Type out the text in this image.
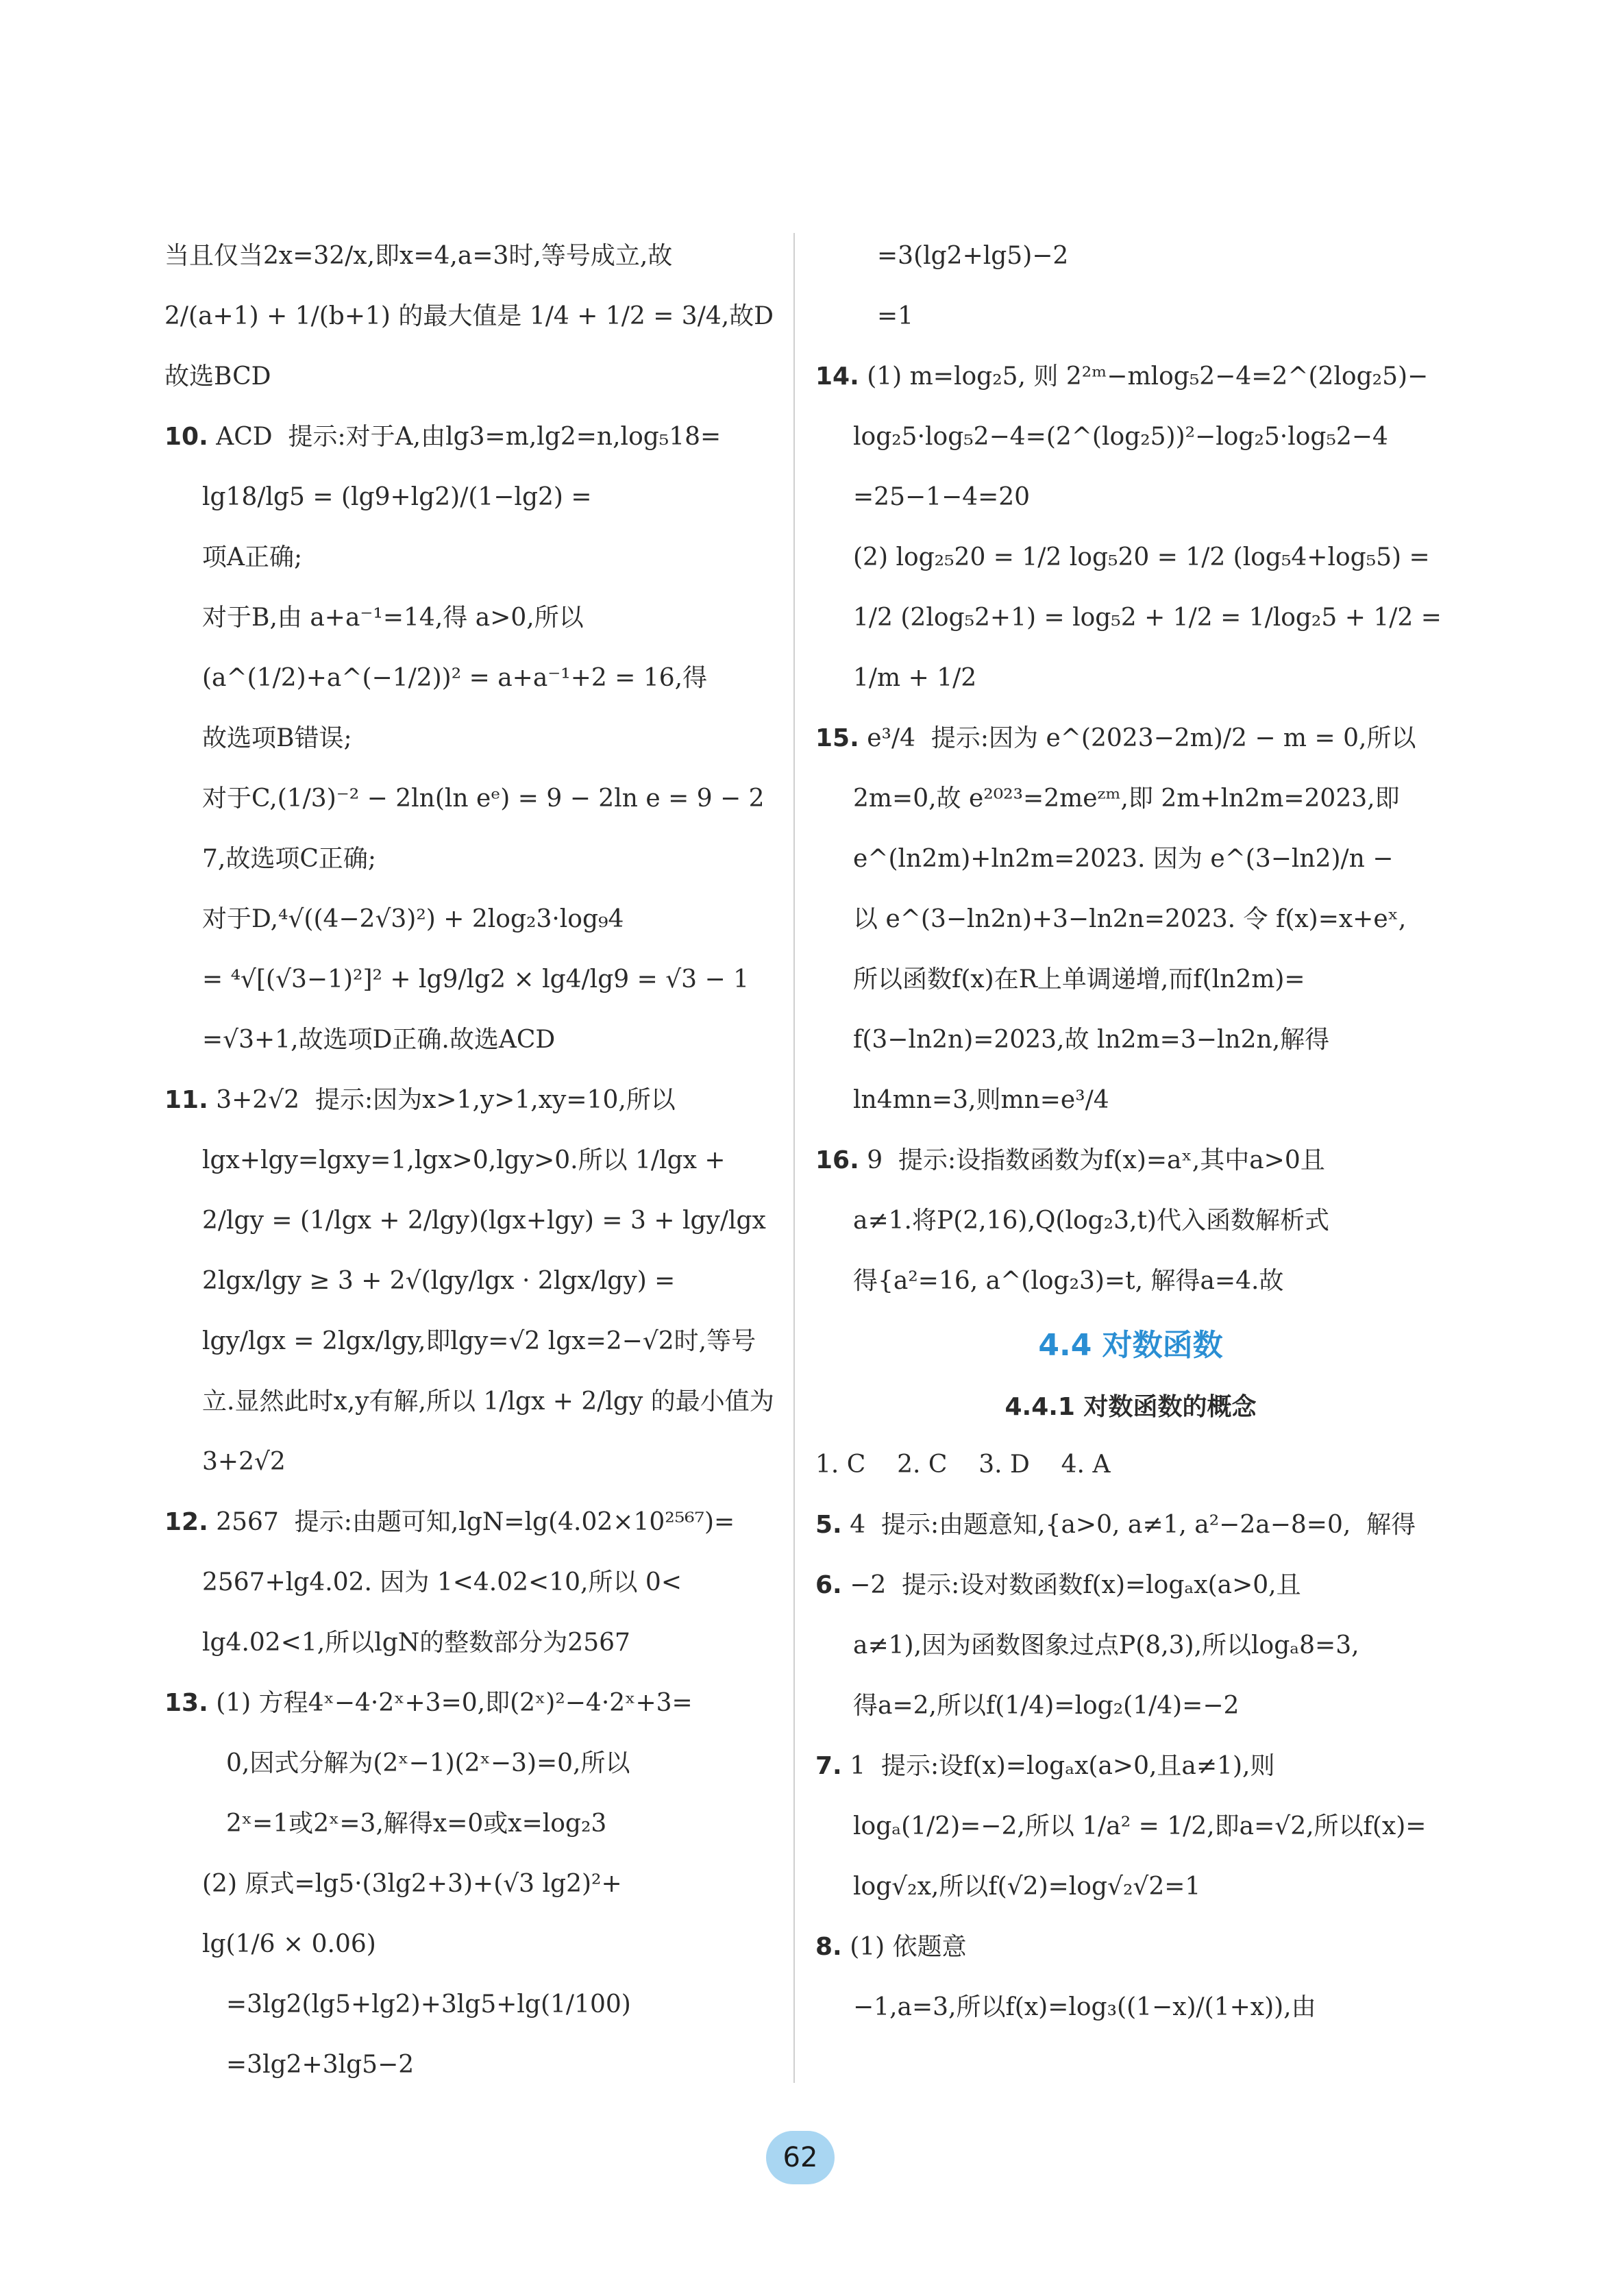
当且仅当2x=32/x,即x=4,a=3时,等号成立,故
2/(a+1) + 1/(b+1) 的最大值是 1/4 + 1/2 = 3/4,故D
故选BCD
10. ACD  提示:对于A,由lg3=m,lg2=n,log₅18=
lg18/lg5 = (lg9+lg2)/(1−lg2) =
项A正确;
对于B,由 a+a⁻¹=14,得 a>0,所以
(a^(1/2)+a^(−1/2))² = a+a⁻¹+2 = 16,得
故选项B错误;
对于C,(1/3)⁻² − 2ln(ln eᵉ) = 9 − 2ln e = 9 − 2
7,故选项C正确;
对于D,⁴√((4−2√3)²) + 2log₂3·log₉4
= ⁴√[(√3−1)²]² + lg9/lg2 × lg4/lg9 = √3 − 1
=√3+1,故选项D正确.故选ACD
11. 3+2√2  提示:因为x>1,y>1,xy=10,所以
lgx+lgy=lgxy=1,lgx>0,lgy>0.所以 1/lgx +
2/lgy = (1/lgx + 2/lgy)(lgx+lgy) = 3 + lgy/lgx
2lgx/lgy ≥ 3 + 2√(lgy/lgx · 2lgx/lgy) =
lgy/lgx = 2lgx/lgy,即lgy=√2 lgx=2−√2时,等号
立.显然此时x,y有解,所以 1/lgx + 2/lgy 的最小值为
3+2√2
12. 2567  提示:由题可知,lgN=lg(4.02×10²⁵⁶⁷)=
2567+lg4.02. 因为 1<4.02<10,所以 0<
lg4.02<1,所以lgN的整数部分为2567
13. (1) 方程4ˣ−4·2ˣ+3=0,即(2ˣ)²−4·2ˣ+3=
0,因式分解为(2ˣ−1)(2ˣ−3)=0,所以
2ˣ=1或2ˣ=3,解得x=0或x=log₂3
(2) 原式=lg5·(3lg2+3)+(√3 lg2)²+
lg(1/6 × 0.06)
=3lg2(lg5+lg2)+3lg5+lg(1/100)
=3lg2+3lg5−2
=3(lg2+lg5)−2
=1
14. (1) m=log₂5, 则 2²ᵐ−mlog₅2−4=2^(2log₂5)−
log₂5·log₅2−4=(2^(log₂5))²−log₂5·log₅2−4
=25−1−4=20
(2) log₂₅20 = 1/2 log₅20 = 1/2 (log₅4+log₅5) =
1/2 (2log₅2+1) = log₅2 + 1/2 = 1/log₂5 + 1/2 =
1/m + 1/2
15. e³/4  提示:因为 e^(2023−2m)/2 − m = 0,所以
2m=0,故 e²⁰²³=2meᶻᵐ,即 2m+ln2m=2023,即
e^(ln2m)+ln2m=2023. 因为 e^(3−ln2)/n −
以 e^(3−ln2n)+3−ln2n=2023. 令 f(x)=x+eˣ,
所以函数f(x)在R上单调递增,而f(ln2m)=
f(3−ln2n)=2023,故 ln2m=3−ln2n,解得
ln4mn=3,则mn=e³/4
16. 9  提示:设指数函数为f(x)=aˣ,其中a>0且
a≠1.将P(2,16),Q(log₂3,t)代入函数解析式
得{a²=16, a^(log₂3)=t, 解得a=4.故
4.4 对数函数
4.4.1 对数函数的概念
1. C    2. C    3. D    4. A
5. 4  提示:由题意知,{a>0, a≠1, a²−2a−8=0,  解得
6. −2  提示:设对数函数f(x)=logₐx(a>0,且
a≠1),因为函数图象过点P(8,3),所以logₐ8=3,
得a=2,所以f(1/4)=log₂(1/4)=−2
7. 1  提示:设f(x)=logₐx(a>0,且a≠1),则
logₐ(1/2)=−2,所以 1/a² = 1/2,即a=√2,所以f(x)=
log√₂x,所以f(√2)=log√₂√2=1
8. (1) 依题意
−1,a=3,所以f(x)=log₃((1−x)/(1+x)),由
62
